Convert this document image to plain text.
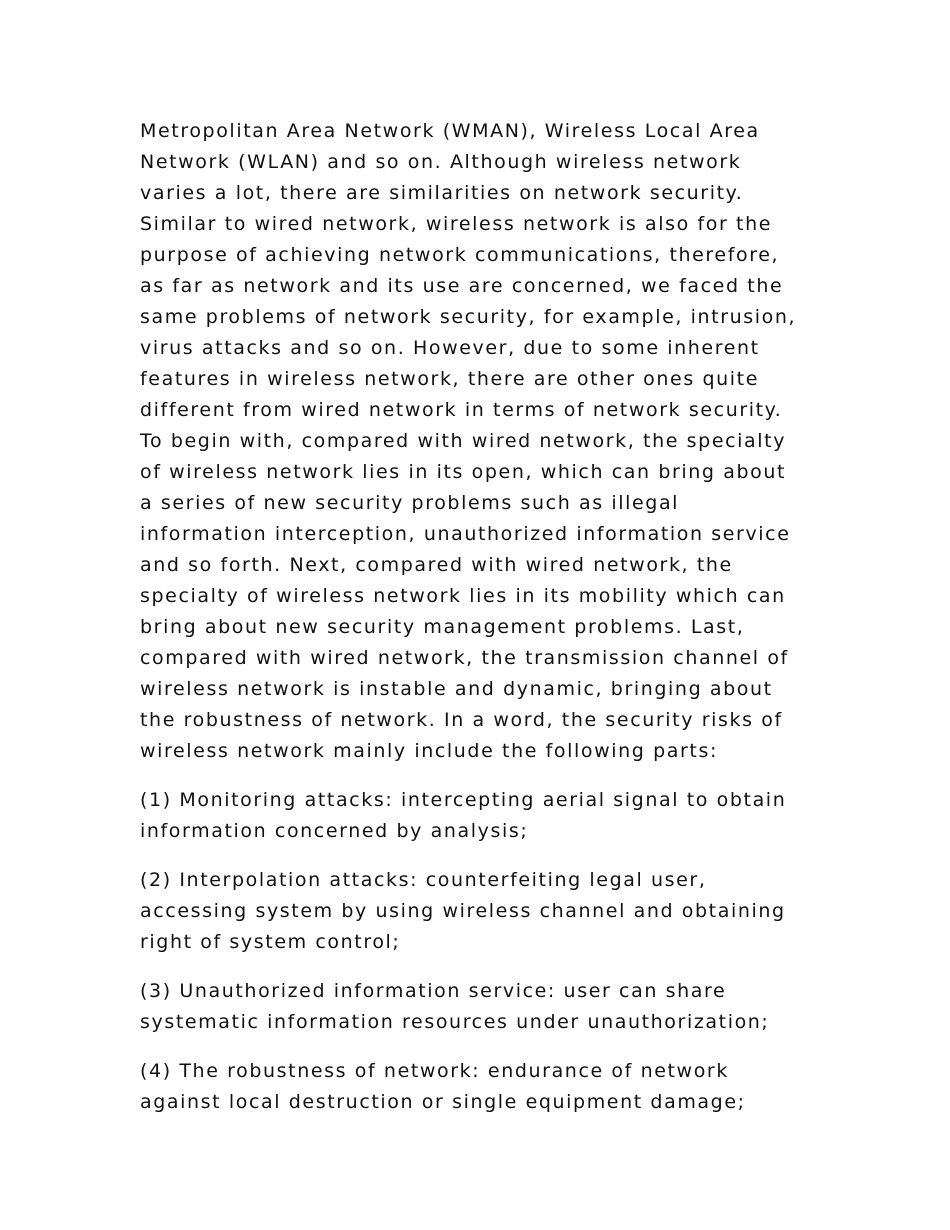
Metropolitan Area Network (WMAN), Wireless Local Area
Network (WLAN) and so on. Although wireless network
varies a lot, there are similarities on network security.
Similar to wired network, wireless network is also for the
purpose of achieving network communications, therefore,
as far as network and its use are concerned, we faced the
same problems of network security, for example, intrusion,
virus attacks and so on. However, due to some inherent
features in wireless network, there are other ones quite
different from wired network in terms of network security.
To begin with, compared with wired network, the specialty
of wireless network lies in its open, which can bring about
a series of new security problems such as illegal
information interception, unauthorized information service
and so forth. Next, compared with wired network, the
specialty of wireless network lies in its mobility which can
bring about new security management problems. Last,
compared with wired network, the transmission channel of
wireless network is instable and dynamic, bringing about
the robustness of network. In a word, the security risks of
wireless network mainly include the following parts:
(1) Monitoring attacks: intercepting aerial signal to obtain
information concerned by analysis;
(2) Interpolation attacks: counterfeiting legal user,
accessing system by using wireless channel and obtaining
right of system control;
(3) Unauthorized information service: user can share
systematic information resources under unauthorization;
(4) The robustness of network: endurance of network
against local destruction or single equipment damage;
